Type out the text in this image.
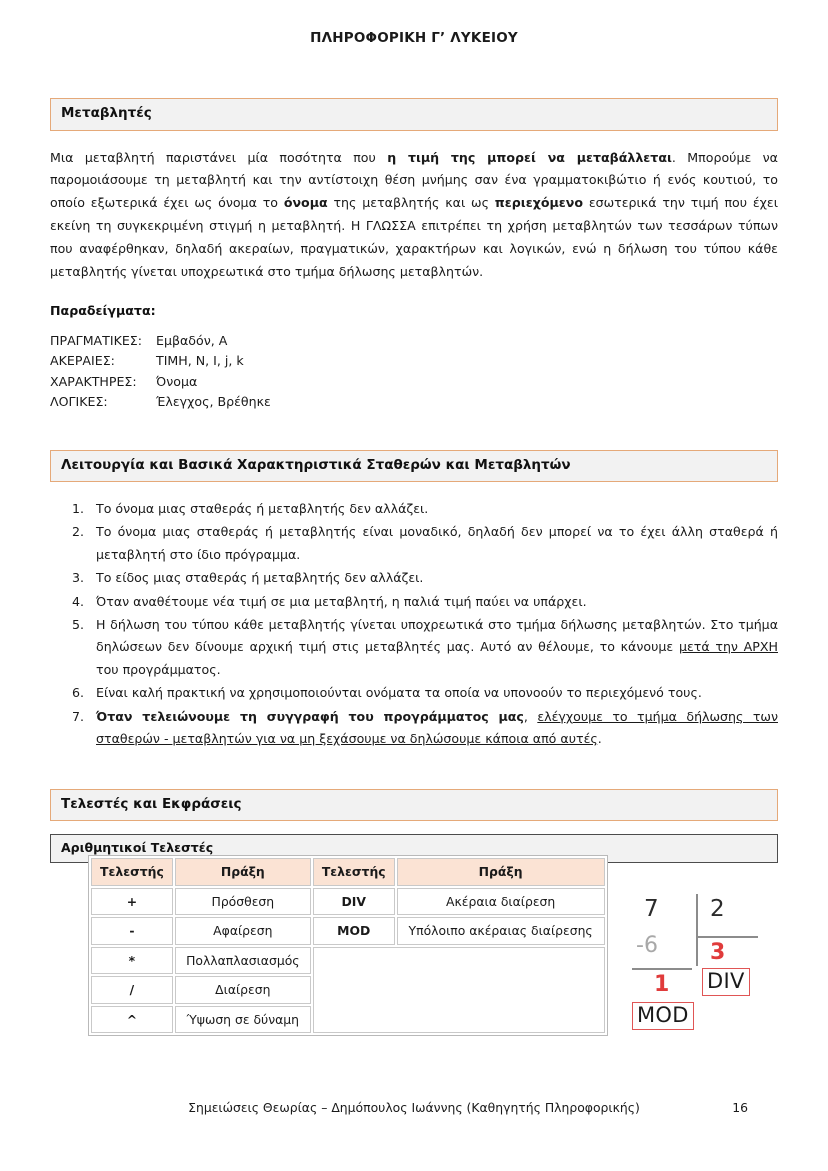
ΠΛΗΡΟΦΟΡΙΚΗ Γ’ ΛΥΚΕΙΟΥ
Μεταβλητές
Μια μεταβλητή παριστάνει μία ποσότητα που η τιμή της μπορεί να μεταβάλλεται. Μπορούμε να παρομοιάσουμε τη μεταβλητή και την αντίστοιχη θέση μνήμης σαν ένα γραμματοκιβώτιο ή ενός κουτιού, το οποίο εξωτερικά έχει ως όνομα το όνομα της μεταβλητής και ως περιεχόμενο εσωτερικά την τιμή που έχει εκείνη τη συγκεκριμένη στιγμή η μεταβλητή. Η ΓΛΩΣΣΑ επιτρέπει τη χρήση μεταβλητών των τεσσάρων τύπων που αναφέρθηκαν, δηλαδή ακεραίων, πραγματικών, χαρακτήρων και λογικών, ενώ η δήλωση του τύπου κάθε μεταβλητής γίνεται υποχρεωτικά στο τμήμα δήλωσης μεταβλητών.
Παραδείγματα:
ΠΡΑΓΜΑΤΙΚΕΣ:	Εμβαδόν, Α
ΑΚΕΡΑΙΕΣ:	ΤΙΜΗ, Ν, Ι, j, k
ΧΑΡΑΚΤΗΡΕΣ:	Όνομα
ΛΟΓΙΚΕΣ:	Έλεγχος, Βρέθηκε
Λειτουργία και Βασικά Χαρακτηριστικά Σταθερών και Μεταβλητών
1. Το όνομα μιας σταθεράς ή μεταβλητής δεν αλλάζει.
2. Το όνομα μιας σταθεράς ή μεταβλητής είναι μοναδικό, δηλαδή δεν μπορεί να το έχει άλλη σταθερά ή μεταβλητή στο ίδιο πρόγραμμα.
3. Το είδος μιας σταθεράς ή μεταβλητής δεν αλλάζει.
4. Όταν αναθέτουμε νέα τιμή σε μια μεταβλητή, η παλιά τιμή παύει να υπάρχει.
5. Η δήλωση του τύπου κάθε μεταβλητής γίνεται υποχρεωτικά στο τμήμα δήλωσης μεταβλητών. Στο τμήμα δηλώσεων δεν δίνουμε αρχική τιμή στις μεταβλητές μας. Αυτό αν θέλουμε, το κάνουμε μετά την ΑΡΧΗ του προγράμματος.
6. Είναι καλή πρακτική να χρησιμοποιούνται ονόματα τα οποία να υπονοούν το περιεχόμενό τους.
7. Όταν τελειώνουμε τη συγγραφή του προγράμματος μας, ελέγχουμε το τμήμα δήλωσης των σταθερών - μεταβλητών για να μη ξεχάσουμε να δηλώσουμε κάποια από αυτές.
Τελεστές και Εκφράσεις
Αριθμητικοί Τελεστές
Τελεστής	Πράξη	Τελεστής	Πράξη
+	Πρόσθεση	DIV	Ακέραια διαίρεση
-	Αφαίρεση	MOD	Υπόλοιπο ακέραιας διαίρεσης
*	Πολλαπλασιασμός		
/	Διαίρεση		
^	Ύψωση σε δύναμη		
7 2
-6 3
1 DIV
MOD
Σημειώσεις Θεωρίας – Δημόπουλος Ιωάννης (Καθηγητής Πληροφορικής)	16
